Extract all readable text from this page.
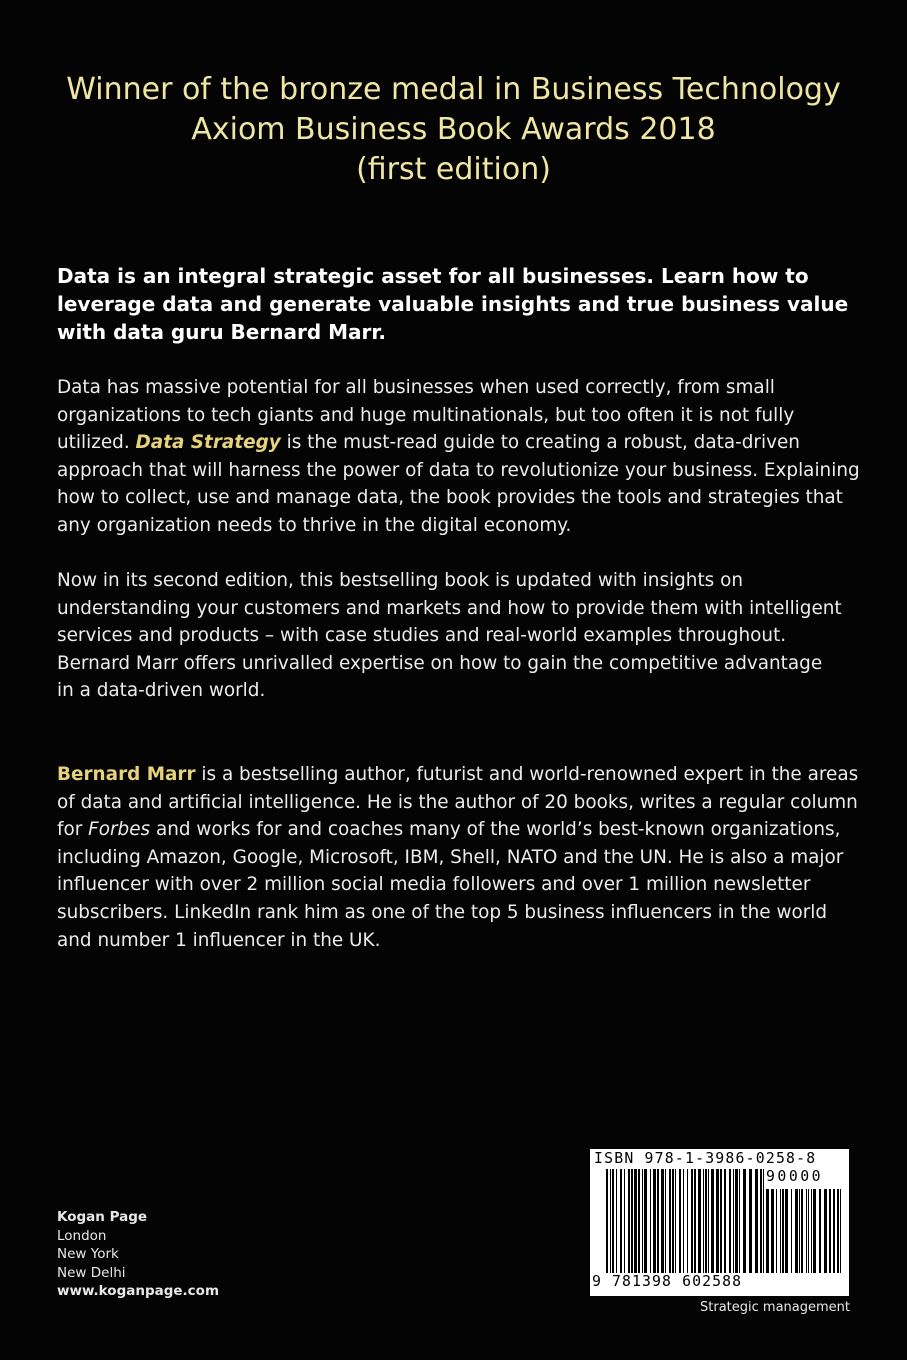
Winner of the bronze medal in Business Technology
Axiom Business Book Awards 2018
(first edition)
Data is an integral strategic asset for all businesses. Learn how to
leverage data and generate valuable insights and true business value
with data guru Bernard Marr.
Data has massive potential for all businesses when used correctly, from small
organizations to tech giants and huge multinationals, but too often it is not fully
utilized. Data Strategy is the must-read guide to creating a robust, data-driven
approach that will harness the power of data to revolutionize your business. Explaining
how to collect, use and manage data, the book provides the tools and strategies that
any organization needs to thrive in the digital economy.
Now in its second edition, this bestselling book is updated with insights on
understanding your customers and markets and how to provide them with intelligent
services and products – with case studies and real-world examples throughout.
Bernard Marr offers unrivalled expertise on how to gain the competitive advantage
in a data-driven world.
Bernard Marr is a bestselling author, futurist and world-renowned expert in the areas
of data and artificial intelligence. He is the author of 20 books, writes a regular column
for Forbes and works for and coaches many of the world’s best-known organizations,
including Amazon, Google, Microsoft, IBM, Shell, NATO and the UN. He is also a major
influencer with over 2 million social media followers and over 1 million newsletter
subscribers. LinkedIn rank him as one of the top 5 business influencers in the world
and number 1 influencer in the UK.
Kogan Page
London
New York
New Delhi
www.koganpage.com
ISBN 978-1-3986-0258-8
90000
9 781398 602588
Strategic management
